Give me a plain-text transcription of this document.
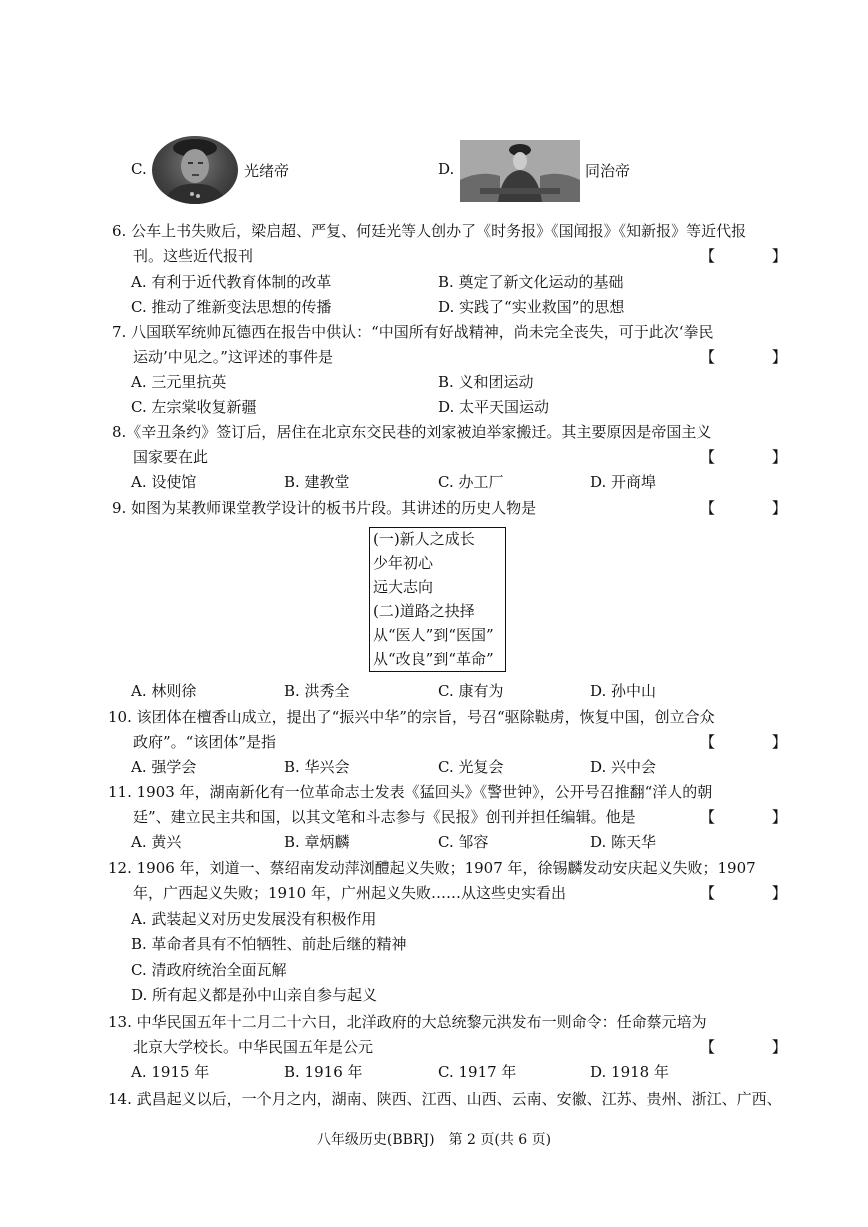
C.	光绪帝	D.	同治帝
6. 公车上书失败后，梁启超、严复、何廷光等人创办了《时务报》《国闻报》《知新报》等近代报
刊。这些近代报刊	【 】
A. 有利于近代教育体制的改革	B. 奠定了新文化运动的基础
C. 推动了维新变法思想的传播	D. 实践了“实业救国”的思想
7. 八国联军统帅瓦德西在报告中供认：“中国所有好战精神，尚未完全丧失，可于此次‘拳民
运动’中见之。”这评述的事件是	【 】
A. 三元里抗英	B. 义和团运动
C. 左宗棠收复新疆	D. 太平天国运动
8.《辛丑条约》签订后，居住在北京东交民巷的刘家被迫举家搬迁。其主要原因是帝国主义
国家要在此	【 】
A. 设使馆	B. 建教堂	C. 办工厂	D. 开商埠
9. 如图为某教师课堂教学设计的板书片段。其讲述的历史人物是	【 】
(一)新人之成长
少年初心
远大志向
(二)道路之抉择
从“医人”到“医国”
从“改良”到“革命”
A. 林则徐	B. 洪秀全	C. 康有为	D. 孙中山
10. 该团体在檀香山成立，提出了“振兴中华”的宗旨，号召“驱除鞑虏，恢复中国，创立合众
政府”。“该团体”是指	【 】
A. 强学会	B. 华兴会	C. 光复会	D. 兴中会
11. 1903 年，湖南新化有一位革命志士发表《猛回头》《警世钟》，公开号召推翻“洋人的朝
廷”、建立民主共和国，以其文笔和斗志参与《民报》创刊并担任编辑。他是	【 】
A. 黄兴	B. 章炳麟	C. 邹容	D. 陈天华
12. 1906 年，刘道一、蔡绍南发动萍浏醴起义失败；1907 年，徐锡麟发动安庆起义失败；1907
年，广西起义失败；1910 年，广州起义失败……从这些史实看出	【 】
A. 武装起义对历史发展没有积极作用
B. 革命者具有不怕牺牲、前赴后继的精神
C. 清政府统治全面瓦解
D. 所有起义都是孙中山亲自参与起义
13. 中华民国五年十二月二十六日，北洋政府的大总统黎元洪发布一则命令：任命蔡元培为
北京大学校长。中华民国五年是公元	【 】
A. 1915 年	B. 1916 年	C. 1917 年	D. 1918 年
14. 武昌起义以后，一个月之内，湖南、陕西、江西、山西、云南、安徽、江苏、贵州、浙江、广西、
八年级历史(BBRJ)　第 2 页(共 6 页)
